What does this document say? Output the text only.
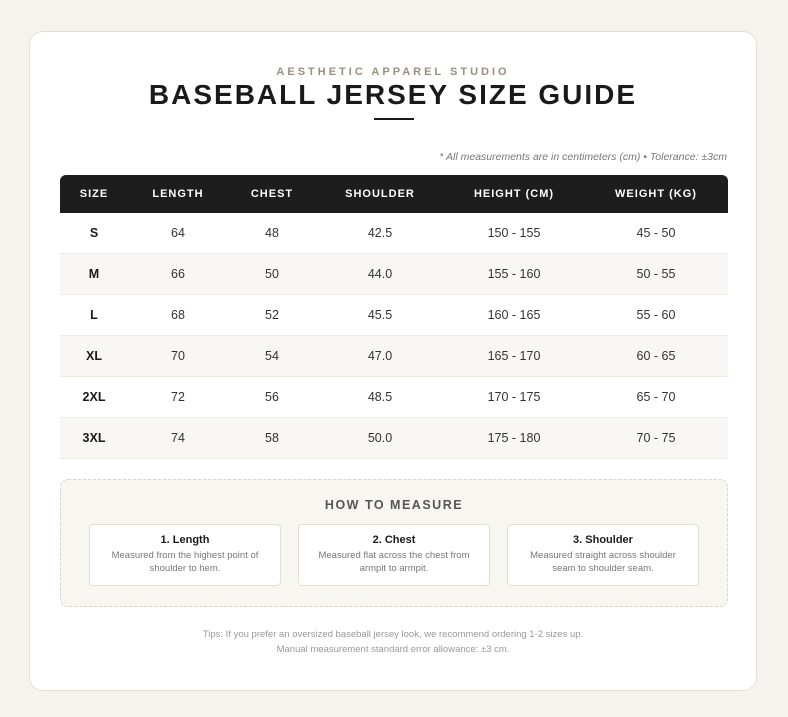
AESTHETIC APPAREL STUDIO
BASEBALL JERSEY SIZE GUIDE
* All measurements are in centimeters (cm) • Tolerance: ±3cm
SIZE	LENGTH	CHEST	SHOULDER	HEIGHT (CM)	WEIGHT (KG)
S	64	48	42.5	150 - 155	45 - 50
M	66	50	44.0	155 - 160	50 - 55
L	68	52	45.5	160 - 165	55 - 60
XL	70	54	47.0	165 - 170	60 - 65
2XL	72	56	48.5	170 - 175	65 - 70
3XL	74	58	50.0	175 - 180	70 - 75
HOW TO MEASURE
1. Length
Measured from the highest point of shoulder to hem.
2. Chest
Measured flat across the chest from armpit to armpit.
3. Shoulder
Measured straight across shoulder seam to shoulder seam.
Tips: If you prefer an oversized baseball jersey look, we recommend ordering 1-2 sizes up.
Manual measurement standard error allowance: ±3 cm.
